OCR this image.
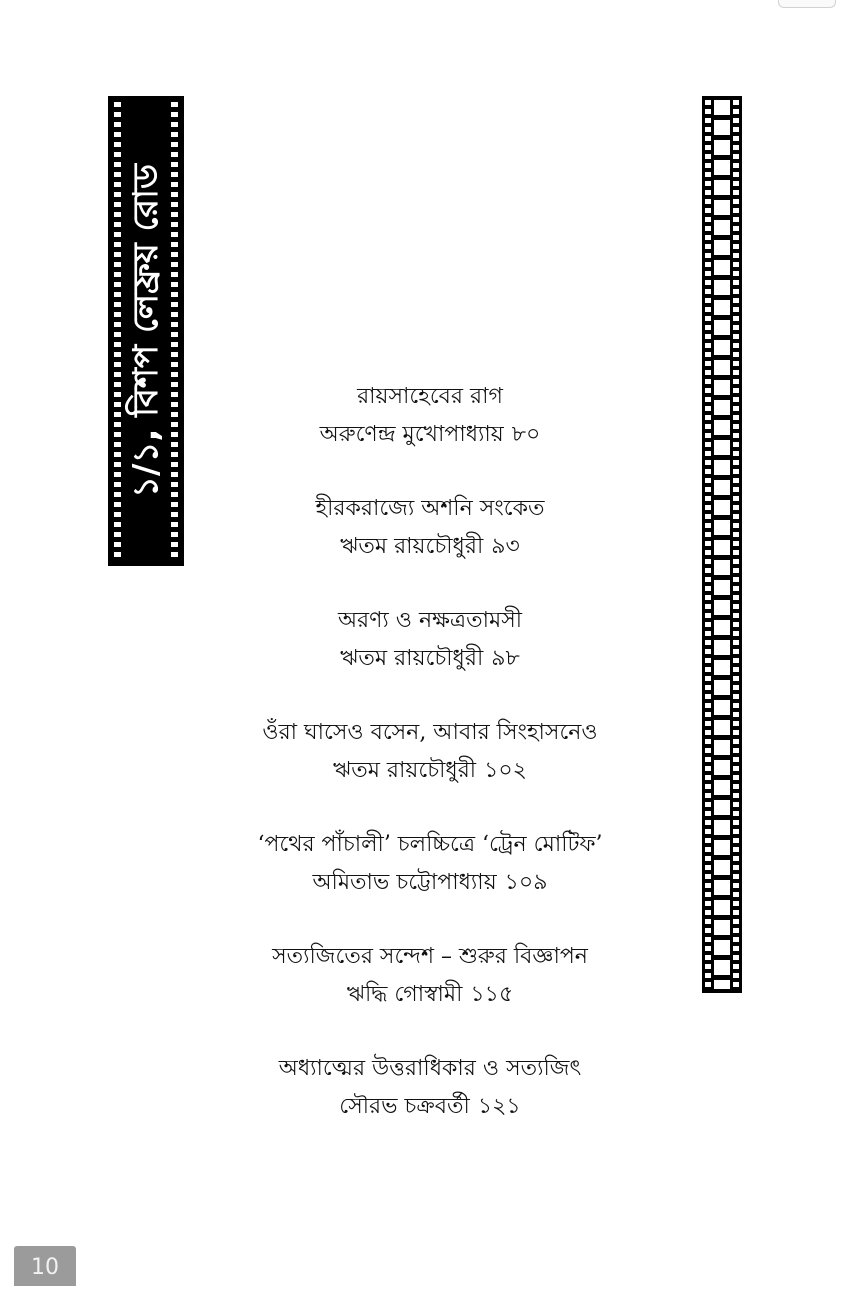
১/১, বিশপ লেফ্রয় রোড	রায়সাহেবের রাগ
অরুণেন্দ্র মুখোপাধ্যায় ৮০
হীরকরাজ্যে অশনি সংকেত
ঋতম রায়চৌধুরী ৯৩
অরণ্য ও নক্ষত্রতামসী
ঋতম রায়চৌধুরী ৯৮
ওঁরা ঘাসেও বসেন, আবার সিংহাসনেও
ঋতম রায়চৌধুরী ১০২
‘পথের পাঁচালী’ চলচ্চিত্রে ‘ট্রেন মোটিফ’
অমিতাভ চট্টোপাধ্যায় ১০৯
সত্যজিতের সন্দেশ – শুরুর বিজ্ঞাপন
ঋদ্ধি গোস্বামী ১১৫
অধ্যাত্মের উত্তরাধিকার ও সত্যজিৎ
সৌরভ চক্রবর্তী ১২১
10
